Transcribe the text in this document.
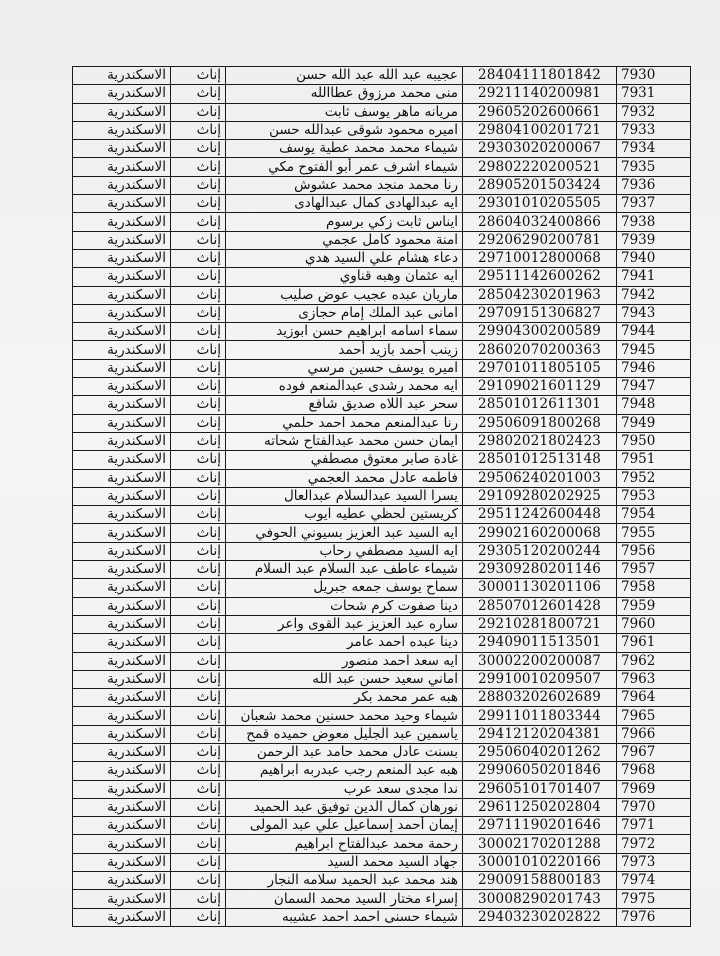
الاسكندرية	إناث	عجيبه عبد الله عبد الله حسن	28404111801842	7930
الاسكندرية	إناث	منى محمد مرزوق عطاالله	29211140200981	7931
الاسكندرية	إناث	مريانه ماهر يوسف ثابت	29605202600661	7932
الاسكندرية	إناث	اميره محمود شوقى عبدالله حسن	29804100201721	7933
الاسكندرية	إناث	شيماء محمد محمد عطية يوسف	29303020200067	7934
الاسكندرية	إناث	شيماء اشرف عمر أبو الفتوح مكي	29802220200521	7935
الاسكندرية	إناث	رنا محمد منجد محمد عشوش	28905201503424	7936
الاسكندرية	إناث	ايه عبدالهادى كمال عبدالهادى	29301010205505	7937
الاسكندرية	إناث	ايناس ثابت زكي برسوم	28604032400866	7938
الاسكندرية	إناث	امنة محمود كامل عجمي	29206290200781	7939
الاسكندرية	إناث	دعاء هشام علي السيد هدي	29710012800068	7940
الاسكندرية	إناث	ايه عثمان وهبه قناوي	29511142600262	7941
الاسكندرية	إناث	ماريان عبده عجيب عوض صليب	28504230201963	7942
الاسكندرية	إناث	امانى عبد الملك إمام حجازى	29709151306827	7943
الاسكندرية	إناث	سماء اسامه ابراهيم حسن ابوزيد	29904300200589	7944
الاسكندرية	إناث	زينب أحمد بازيد أحمد	28602070200363	7945
الاسكندرية	إناث	اميره يوسف حسين مرسي	29701011805105	7946
الاسكندرية	إناث	ايه محمد رشدى عبدالمنعم فوده	29109021601129	7947
الاسكندرية	إناث	سحر عبد اللاه صديق شافع	28501012611301	7948
الاسكندرية	إناث	رنا عبدالمنعم محمد احمد حلمي	29506091800268	7949
الاسكندرية	إناث	ايمان حسن محمد عبدالفتاح شحاته	29802021802423	7950
الاسكندرية	إناث	غادة صابر معتوق مصطفي	28501012513148	7951
الاسكندرية	إناث	فاطمه عادل محمد العجمي	29506240201003	7952
الاسكندرية	إناث	يسرا السيد عبدالسلام عبدالعال	29109280202925	7953
الاسكندرية	إناث	كريستين لحظي عطيه ايوب	29511242600448	7954
الاسكندرية	إناث	ايه السيد عبد العزيز بسيوني الحوفي	29902160200068	7955
الاسكندرية	إناث	ايه السيد مصطفي رحاب	29305120200244	7956
الاسكندرية	إناث	شيماء عاطف عبد السلام عبد السلام	29309280201146	7957
الاسكندرية	إناث	سماح يوسف جمعه جبريل	30001130201106	7958
الاسكندرية	إناث	دينا صفوت كرم شحات	28507012601428	7959
الاسكندرية	إناث	ساره عبد العزيز عبد القوى واعر	29210281800721	7960
الاسكندرية	إناث	دينا عبده احمد عامر	29409011513501	7961
الاسكندرية	إناث	ايه سعد احمد منصور	30002200200087	7962
الاسكندرية	إناث	اماني سعيد حسن عبد الله	29910010209507	7963
الاسكندرية	إناث	هبه عمر محمد بكر	28803202602689	7964
الاسكندرية	إناث	شيماء وحيد محمد حسنين محمد شعبان	29911011803344	7965
الاسكندرية	إناث	ياسمين عبد الجليل معوض حميده قمح	29412120204381	7966
الاسكندرية	إناث	بسنت عادل محمد حامد عبد الرحمن	29506040201262	7967
الاسكندرية	إناث	هبه عبد المنعم رجب عبدربه ابراهيم	29906050201846	7968
الاسكندرية	إناث	ندا مجدى سعد عرب	29605101701407	7969
الاسكندرية	إناث	نورهان كمال الدين توفيق عبد الحميد	29611250202804	7970
الاسكندرية	إناث	إيمان أحمد إسماعيل علي عبد المولى	29711190201646	7971
الاسكندرية	إناث	رحمة محمد عبدالفتاح ابراهيم	30002170201288	7972
الاسكندرية	إناث	جهاد السيد محمد السيد	30001010220166	7973
الاسكندرية	إناث	هند محمد عبد الحميد سلامه النجار	29009158800183	7974
الاسكندرية	إناث	إسراء مختار السيد محمد السمان	30008290201743	7975
الاسكندرية	إناث	شيماء حسنى احمد احمد عشيبه	29403230202822	7976
